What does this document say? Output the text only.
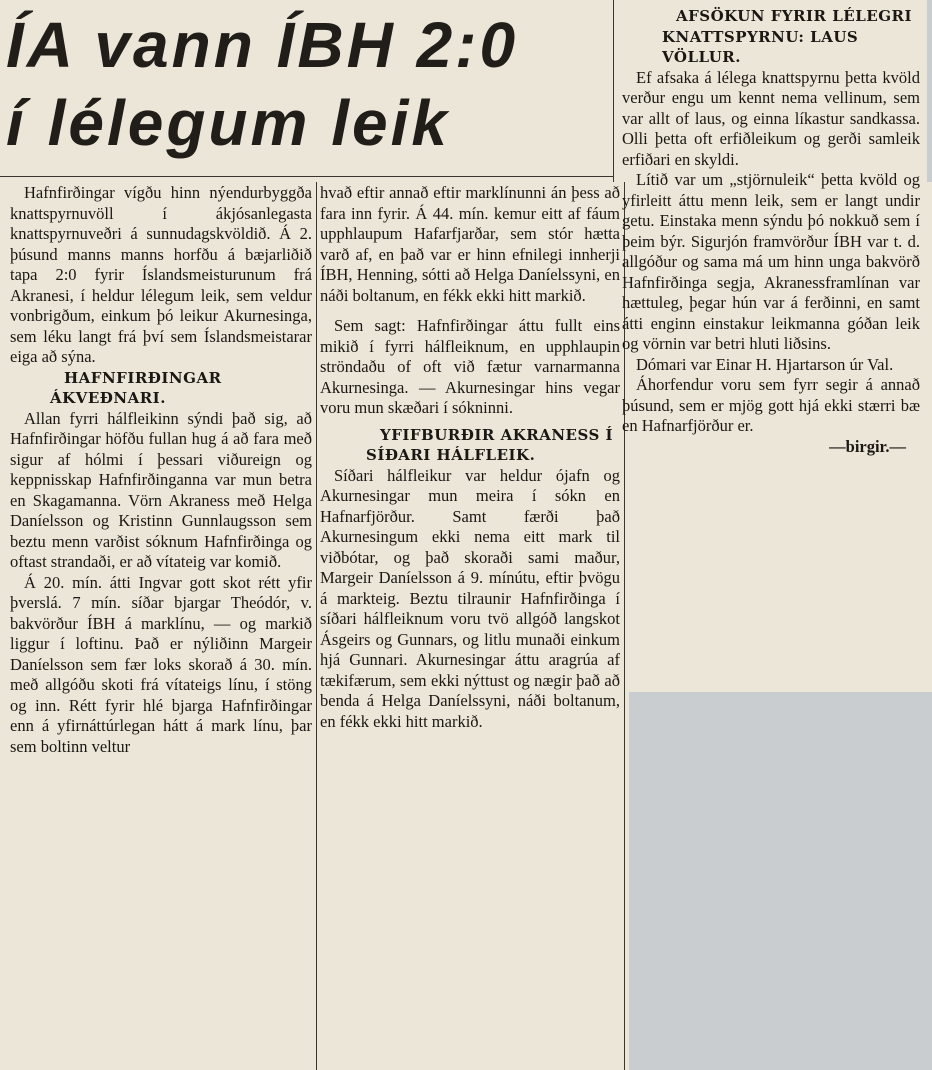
ÍA vann ÍBH 2:0
í lélegum leik

Hafnfirðingar vígðu hinn nýendurbyggða knattspyrnuvöll í ákjósanlegasta knattspyrnuveðri á sunnudagskvöldið. Á 2. þúsund manns manns horfðu á bæjarliðið tapa 2:0 fyrir Íslandsmeisturunum frá Akranesi, í heldur lélegum leik, sem veldur vonbrigðum, einkum þó leikur Akurnesinga, sem léku langt frá því sem Íslandsmeistarar eiga að sýna.

HAFNFIRÐINGAR ÁKVEÐNARI.

Allan fyrri hálfleikinn sýndi það sig, að Hafnfirðingar höfðu fullan hug á að fara með sigur af hólmi í þessari viðureign og keppnisskap Hafnfirðinganna var mun betra en Skagamanna. Vörn Akraness með Helga Daníelsson og Kristinn Gunnlaugsson sem beztu menn varðist sóknum Hafnfirðinga og oftast strandaði, er að vítateig var komið.

Á 20. mín. átti Ingvar gott skot rétt yfir þverslá. 7 mín. síðar bjargar Theódór, v. bakvörður ÍBH á marklínu, — og markið liggur í loftinu. Það er nýliðinn Margeir Daníelsson sem fær loks skorað á 30. mín. með allgóðu skoti frá vítateigs línu, í stöng og inn. Rétt fyrir hlé bjarga Hafnfirðingar enn á yfirnáttúrlegan hátt á mark línu, þar sem boltinn veltur

hvað eftir annað eftir marklínunni án þess að fara inn fyrir. Á 44. mín. kemur eitt af fáum upphlaupum Hafarfjarðar, sem stór hætta varð af, en það var er hinn efnilegi innherji ÍBH, Henning, sótti að Helga Daníelssyni, en náði boltanum, en fékk ekki hitt markið.

Sem sagt: Hafnfirðingar áttu fullt eins mikið í fyrri hálfleiknum, en upphlaupin ströndaðu of oft við fætur varnarmanna Akurnesinga. — Akurnesingar hins vegar voru mun skæðari í sókninni.

YFIFBURÐIR AKRANESS Í SÍÐARI HÁLFLEIK.

Síðari hálfleikur var heldur ójafn og Akurnesingar mun meira í sókn en Hafnarfjörður. Samt færði það Akurnesingum ekki nema eitt mark til viðbótar, og það skoraði sami maður, Margeir Daníelsson á 9. mínútu, eftir þvögu á markteig. Beztu tilraunir Hafnfirðinga í síðari hálfleiknum voru tvö allgóð langskot Ásgeirs og Gunnars, og litlu munaði einkum hjá Gunnari. Akurnesingar áttu aragrúa af tækifærum, sem ekki nýttust og nægir það að benda á Helga Daníelssyni, náði boltanum, en fékk ekki hitt markið.

AFSÖKUN FYRIR LÉLEGRI KNATTSPYRNU: LAUS VÖLLUR.

Ef afsaka á lélega knattspyrnu þetta kvöld verður engu um kennt nema vellinum, sem var allt of laus, og einna líkastur sandkassa. Olli þetta oft erfiðleikum og gerði samleik erfiðari en skyldi.

Lítið var um „stjörnuleik“ þetta kvöld og yfirleitt áttu menn leik, sem er langt undir getu. Einstaka menn sýndu þó nokkuð sem í þeim býr. Sigurjón framvörður ÍBH var t. d. allgóður og sama má um hinn unga bakvörð Hafnfirðinga segja, Akranessframlínan var hættuleg, þegar hún var á ferðinni, en samt átti enginn einstakur leikmanna góðan leik og vörnin var betri hluti liðsins.

Dómari var Einar H. Hjartarson úr Val.

Áhorfendur voru sem fyrr segir á annað þúsund, sem er mjög gott hjá ekki stærri bæ en Hafnarfjörður er.

—birgir.—
